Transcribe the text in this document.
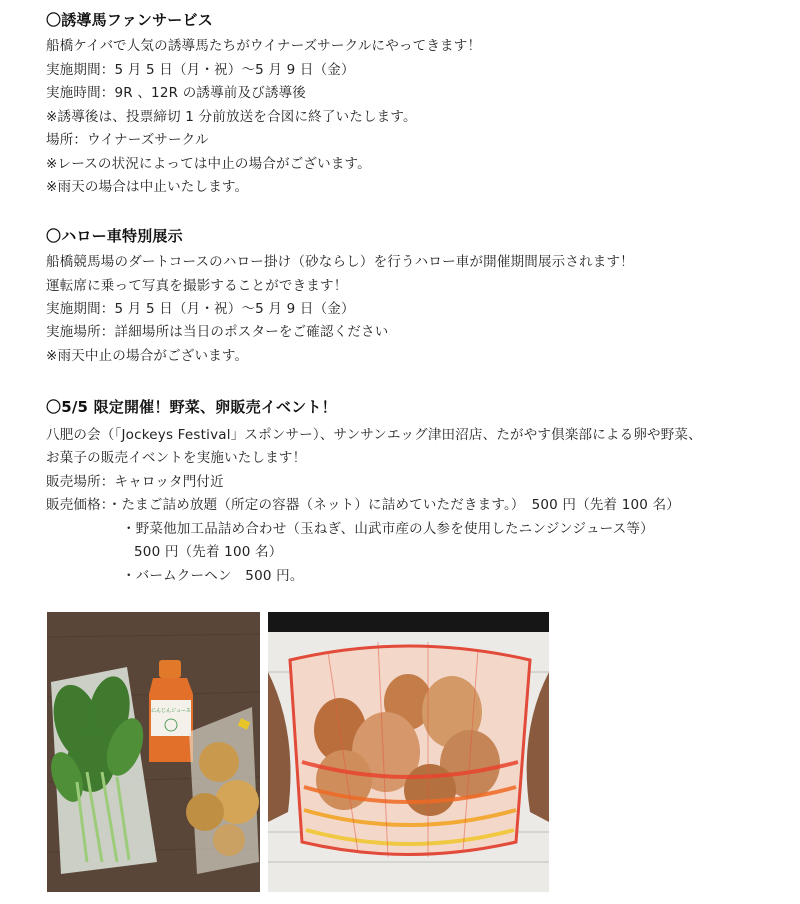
〇誘導馬ファンサービス
船橋ケイバで人気の誘導馬たちがウイナーズサークルにやってきます！
実施期間：5 月 5 日（月・祝）〜5 月 9 日（金）
実施時間：9R 、12R の誘導前及び誘導後
※誘導後は、投票締切 1 分前放送を合図に終了いたします。
場所：ウイナーズサークル
※レースの状況によっては中止の場合がございます。
※雨天の場合は中止いたします。
〇ハロー車特別展示
船橋競馬場のダートコースのハロー掛け（砂ならし）を行うハロー車が開催期間展示されます！
運転席に乗って写真を撮影することができます！
実施期間：5 月 5 日（月・祝）〜5 月 9 日（金）
実施場所：詳細場所は当日のポスターをご確認ください
※雨天中止の場合がございます。
〇5/5 限定開催！野菜、卵販売イベント！
八肥の会（「Jockeys Festival」スポンサー）、サンサンエッグ津田沼店、たがやす倶楽部による卵や野菜、
お菓子の販売イベントを実施いたします！
販売場所：キャロッタ門付近
販売価格：・たまご詰め放題（所定の容器（ネット）に詰めていただきます。）　500 円（先着 100 名）
・野菜他加工品詰め合わせ（玉ねぎ、山武市産の人参を使用したニンジンジュース等）
500 円（先着 100 名）
・バームクーヘン　500 円。
にんじんジュース
